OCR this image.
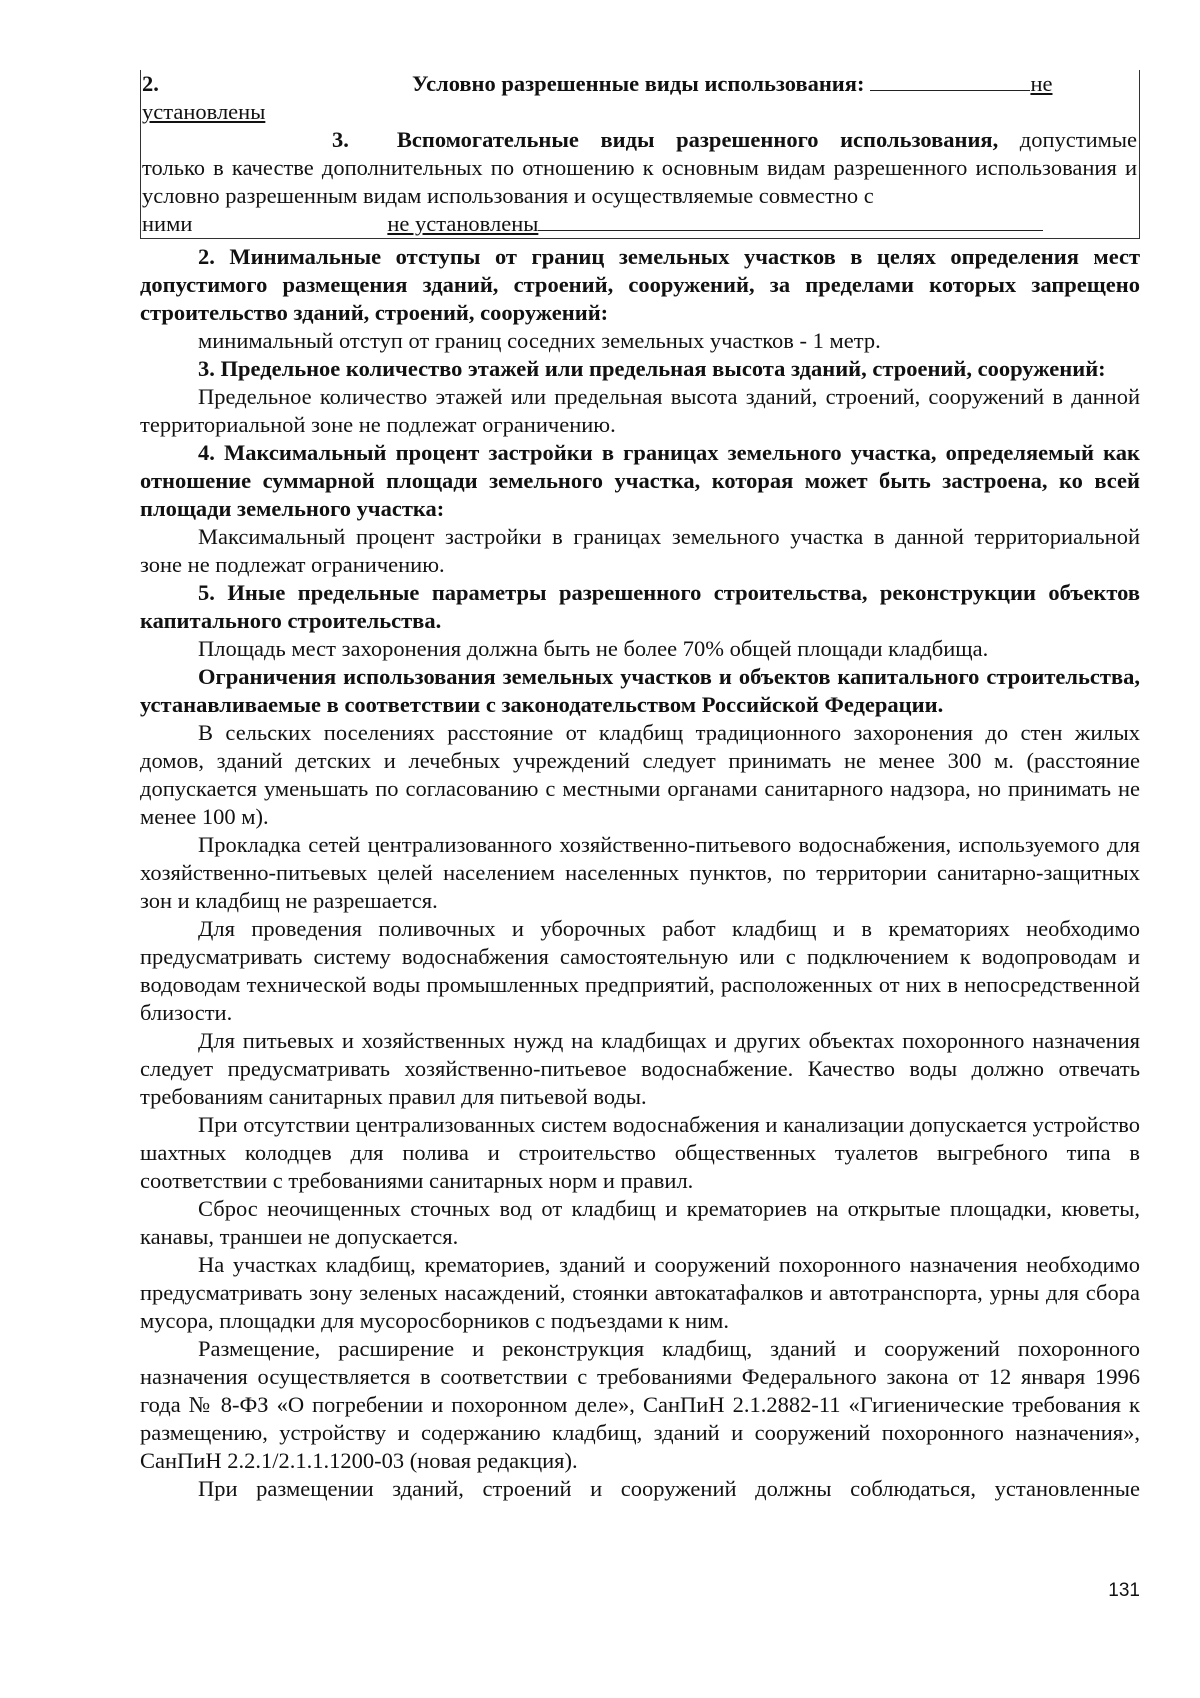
2.	Условно разрешенные виды использования:	не

установлены

3. Вспомогательные виды разрешенного использования, допустимые только в качестве дополнительных по отношению к основным видам разрешенного использования и условно разрешенным видам использования и осуществляемые совместно с

ними	не установлены

2. Минимальные отступы от границ земельных участков в целях определения мест допустимого размещения зданий, строений, сооружений, за пределами которых запрещено строительство зданий, строений, сооружений:

минимальный отступ от границ соседних земельных участков - 1 метр.

3. Предельное количество этажей или предельная высота зданий, строений, сооружений:

Предельное количество этажей или предельная высота зданий, строений, сооружений в данной территориальной зоне не подлежат ограничению.

4. Максимальный процент застройки в границах земельного участка, определяемый как отношение суммарной площади земельного участка, которая может быть застроена, ко всей площади земельного участка:

Максимальный процент застройки в границах земельного участка в данной территориальной зоне не подлежат ограничению.

5. Иные предельные параметры разрешенного строительства, реконструкции объектов капитального строительства.

Площадь мест захоронения должна быть не более 70% общей площади кладбища.

Ограничения использования земельных участков и объектов капитального строительства, устанавливаемые в соответствии с законодательством Российской Федерации.

В сельских поселениях расстояние от кладбищ традиционного захоронения до стен жилых домов, зданий детских и лечебных учреждений следует принимать не менее 300 м. (расстояние допускается уменьшать по согласованию с местными органами санитарного надзора, но принимать не менее 100 м).

Прокладка сетей централизованного хозяйственно-питьевого водоснабжения, используемого для хозяйственно-питьевых целей населением населенных пунктов, по территории санитарно-защитных зон и кладбищ не разрешается.

Для проведения поливочных и уборочных работ кладбищ и в крематориях необходимо предусматривать систему водоснабжения самостоятельную или с подключением к водопроводам и водоводам технической воды промышленных предприятий, расположенных от них в непосредственной близости.

Для питьевых и хозяйственных нужд на кладбищах и других объектах похоронного назначения следует предусматривать хозяйственно-питьевое водоснабжение. Качество воды должно отвечать требованиям санитарных правил для питьевой воды.

При отсутствии централизованных систем водоснабжения и канализации допускается устройство шахтных колодцев для полива и строительство общественных туалетов выгребного типа в соответствии с требованиями санитарных норм и правил.

Сброс неочищенных сточных вод от кладбищ и крематориев на открытые площадки, кюветы, канавы, траншеи не допускается.

На участках кладбищ, крематориев, зданий и сооружений похоронного назначения необходимо предусматривать зону зеленых насаждений, стоянки автокатафалков и автотранспорта, урны для сбора мусора, площадки для мусоросборников с подъездами к ним.

Размещение, расширение и реконструкция кладбищ, зданий и сооружений похоронного назначения осуществляется в соответствии с требованиями Федерального закона от 12 января 1996 года № 8-ФЗ «О погребении и похоронном деле», СанПиН 2.1.2882-11 «Гигиенические требования к размещению, устройству и содержанию кладбищ, зданий и сооружений похоронного назначения», СанПиН 2.2.1/2.1.1.1200-03 (новая редакция).

При размещении зданий, строений и сооружений должны соблюдаться, установленные

131
